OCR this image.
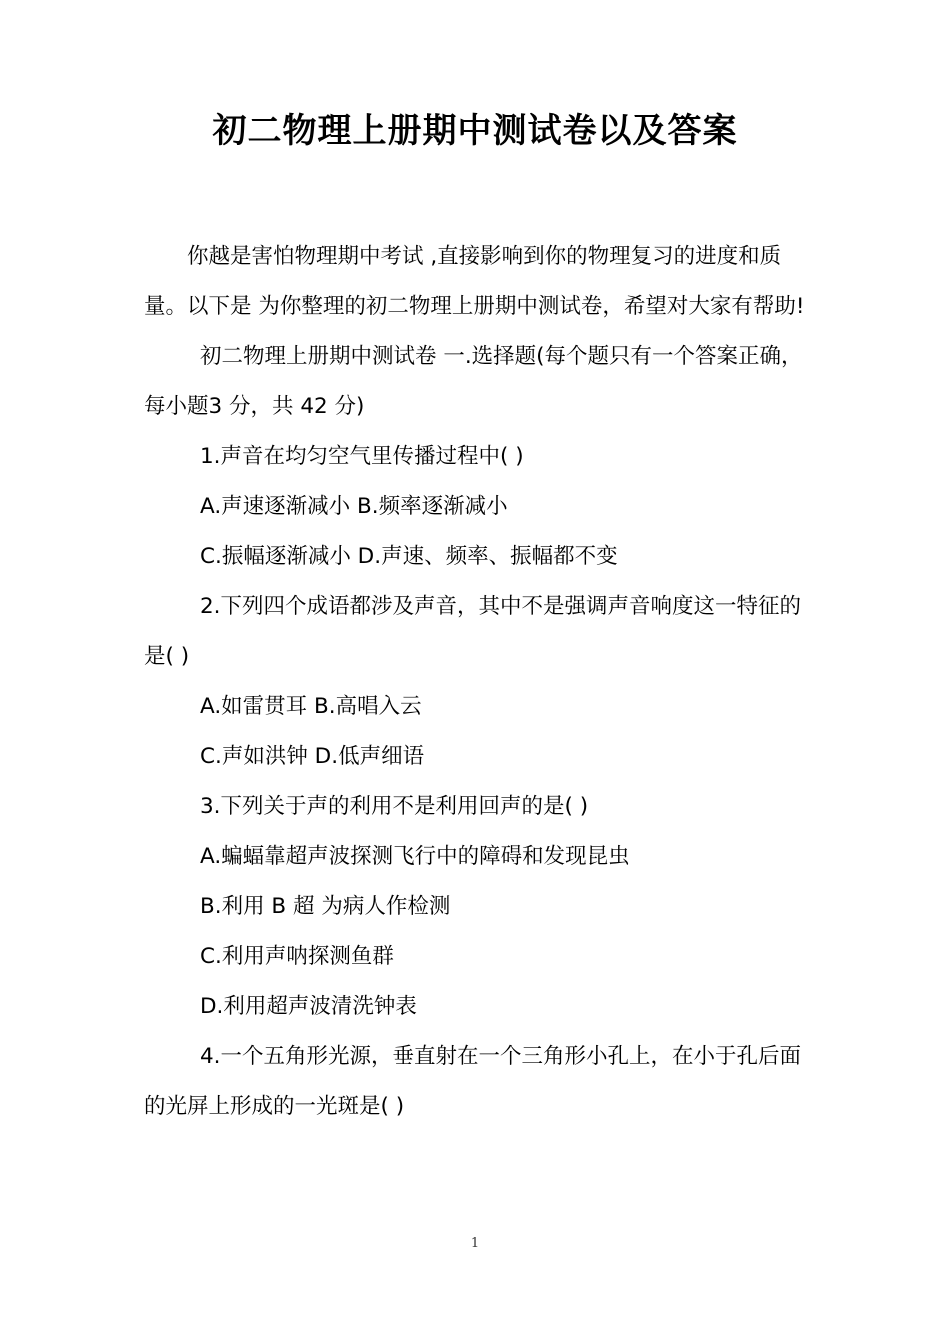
初二物理上册期中测试卷以及答案

你越是害怕物理期中考试 ,直接影响到你的物理复习的进度和质量。以下是 为你整理的初二物理上册期中测试卷，希望对大家有帮助!

初二物理上册期中测试卷 一.选择题(每个题只有一个答案正确，每小题3 分，共 42 分)

1.声音在均匀空气里传播过程中( )

A.声速逐渐减小 B.频率逐渐减小

C.振幅逐渐减小 D.声速、频率、振幅都不变

2.下列四个成语都涉及声音，其中不是强调声音响度这一特征的是( )

A.如雷贯耳 B.高唱入云

C.声如洪钟 D.低声细语

3.下列关于声的利用不是利用回声的是( )

A.蝙蝠靠超声波探测飞行中的障碍和发现昆虫

B.利用 B 超 为病人作检测

C.利用声呐探测鱼群

D.利用超声波清洗钟表

4.一个五角形光源，垂直射在一个三角形小孔上，在小于孔后面的光屏上形成的一光斑是( )

1
